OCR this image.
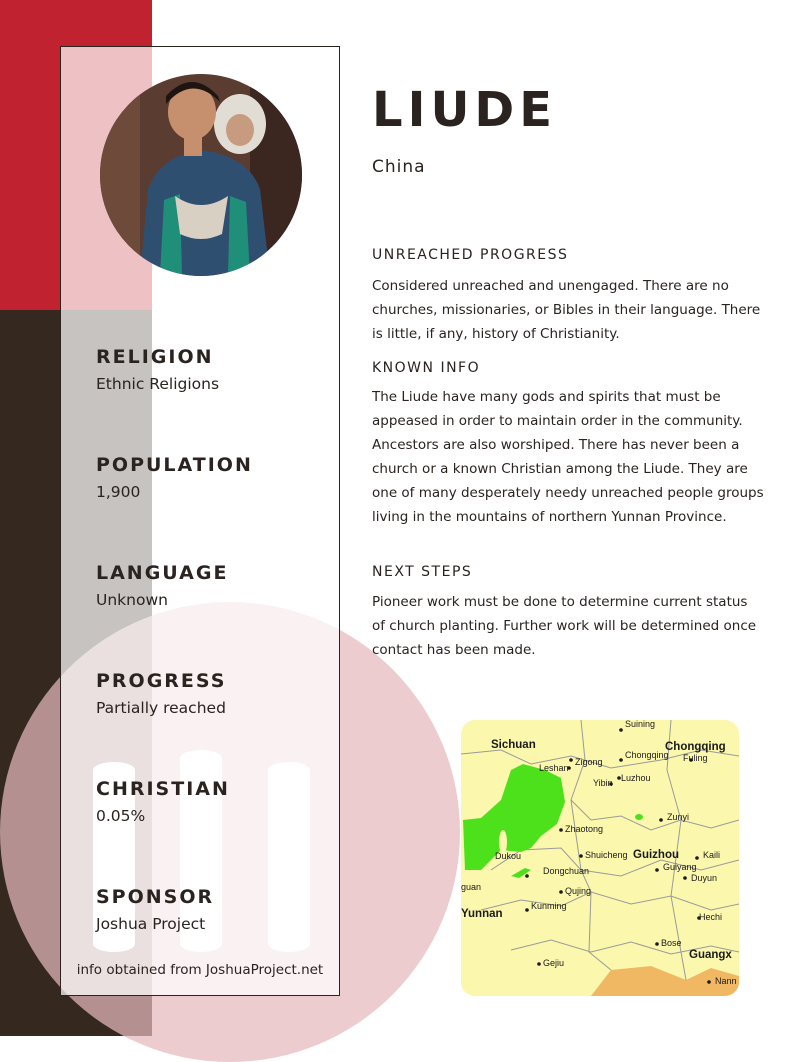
RELIGION
Ethnic Religions
POPULATION
1,900
LANGUAGE
Unknown
PROGRESS
Partially reached
CHRISTIAN
0.05%
SPONSOR
Joshua Project
info obtained from JoshuaProject.net
LIUDE
China
UNREACHED PROGRESS
Considered unreached and unengaged. There are no churches, missionaries, or Bibles in their language. There is little, if any, history of Christianity.
KNOWN INFO
The Liude have many gods and spirits that must be appeased in order to maintain order in the community. Ancestors are also worshiped. There has never been a church or a known Christian among the Liude. They are one of many desperately needy unreached people groups living in the mountains of northern Yunnan Province.
NEXT STEPS
Pioneer work must be done to determine current status of church planting. Further work will be determined once contact has been made.
Suining
Sichuan
Chongqing
Chongqing
Fuling
Leshan
Zigong
Yibin Luzhou
Zunyi
Zhaotong
Dukou	Shuicheng Guizhou	Kaili
Guiyang
Duyun
Dongchuan
guan	Qujing
Kunming
Yunnan	Hechi
Bose
Guangx
Gejiu
Nann
